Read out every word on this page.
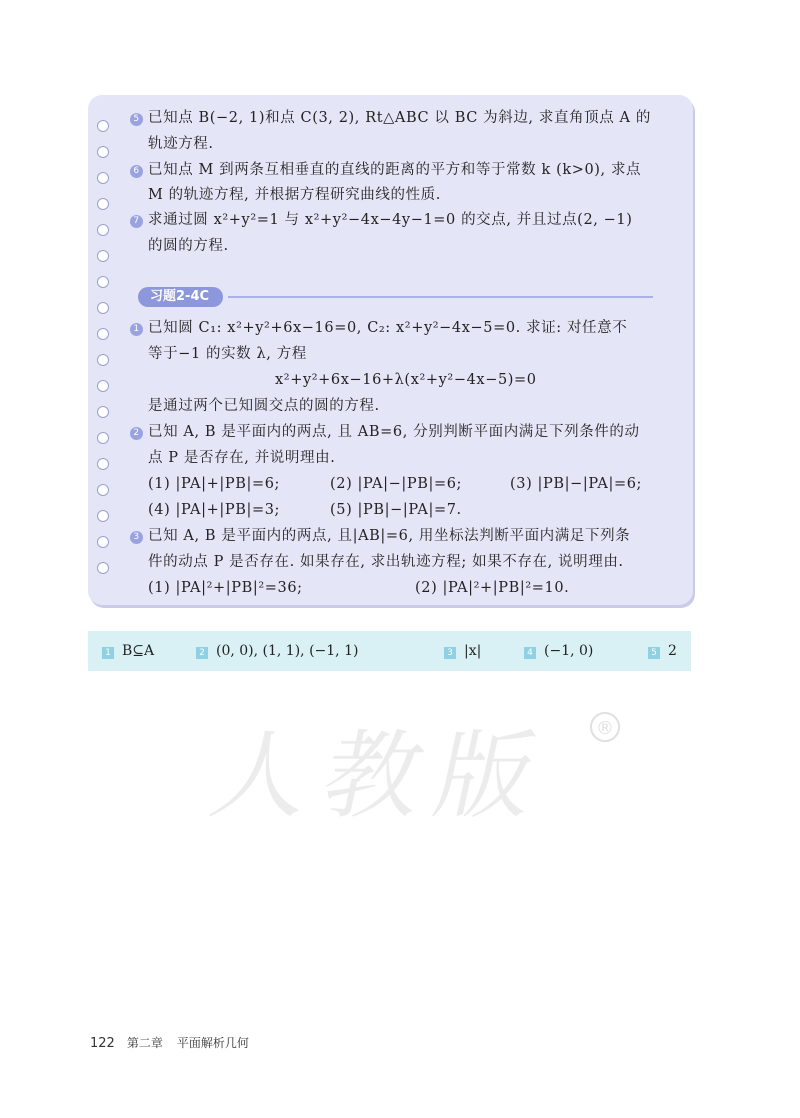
5 已知点 B(−2, 1)和点 C(3, 2), Rt△ABC 以 BC 为斜边, 求直角顶点 A 的
轨迹方程.
6 已知点 M 到两条互相垂直的直线的距离的平方和等于常数 k (k>0), 求点
M 的轨迹方程, 并根据方程研究曲线的性质.
7 求通过圆 x²+y²=1 与 x²+y²−4x−4y−1=0 的交点, 并且过点(2, −1)
的圆的方程.
1 已知圆 C₁: x²+y²+6x−16=0, C₂: x²+y²−4x−5=0. 求证: 对任意不
等于−1 的实数 λ, 方程
x²+y²+6x−16+λ(x²+y²−4x−5)=0
是通过两个已知圆交点的圆的方程.
2 已知 A, B 是平面内的两点, 且 AB=6, 分别判断平面内满足下列条件的动
点 P 是否存在, 并说明理由.
(1) |PA|+|PB|=6;	(2) |PA|−|PB|=6;	(3) |PB|−|PA|=6;
(4) |PA|+|PB|=3;	(5) |PB|−|PA|=7.
3 已知 A, B 是平面内的两点, 且|AB|=6, 用坐标法判断平面内满足下列条
件的动点 P 是否存在. 如果存在, 求出轨迹方程; 如果不存在, 说明理由.
(1) |PA|²+|PB|²=36;	(2) |PA|²+|PB|²=10.
习题2-4C
1 B⊆A	2 (0, 0), (1, 1), (−1, 1)	3 |x|	4 (−1, 0)	5 2
人教版	®
122 第二章 平面解析几何
